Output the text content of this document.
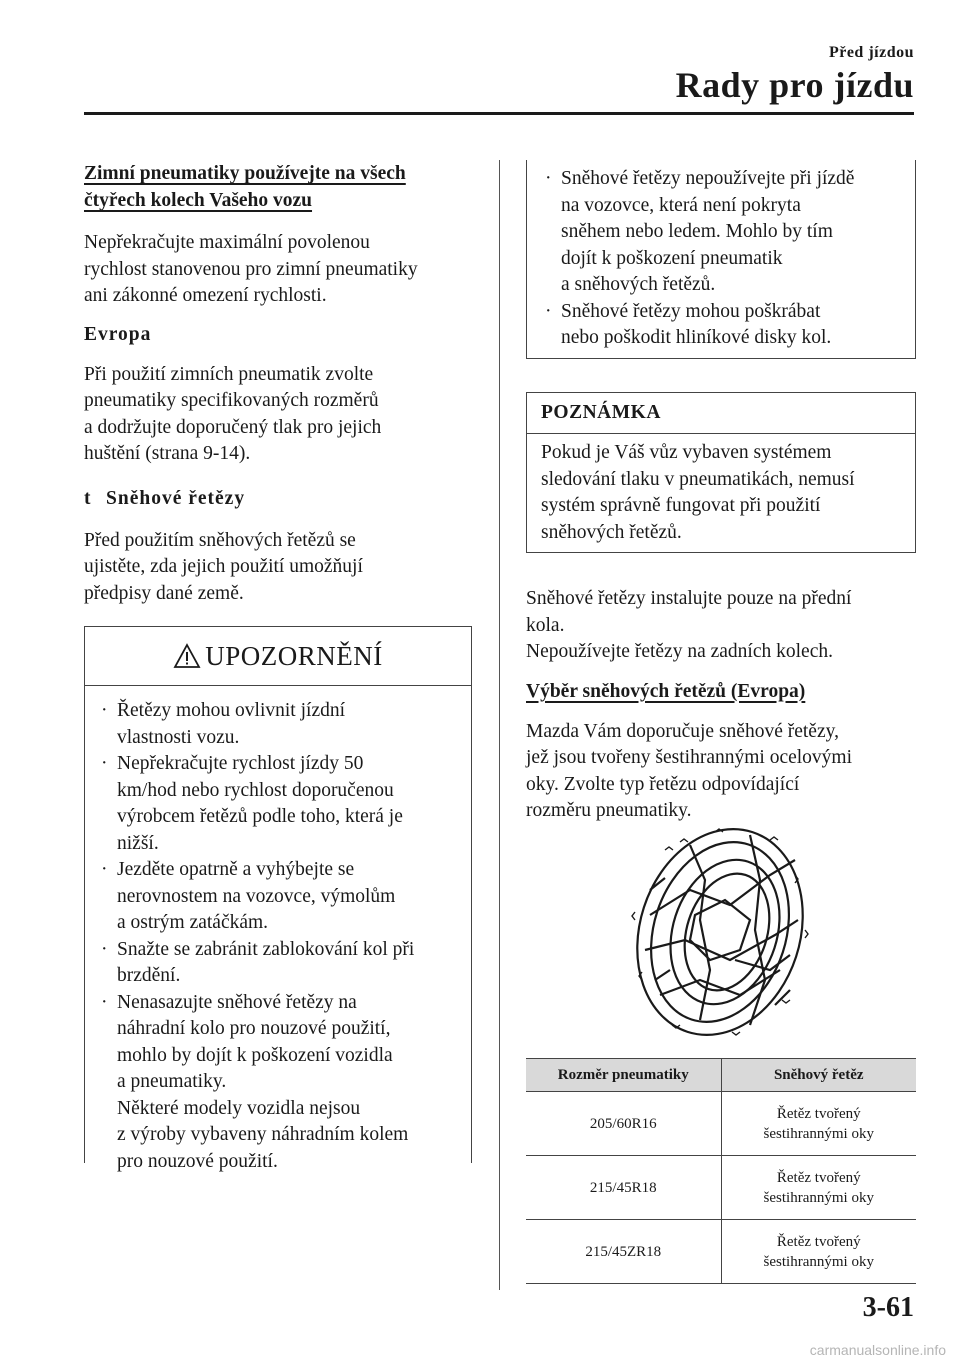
Před jízdou
Rady pro jízdu

Zimní pneumatiky používejte na všech
čtyřech kolech Vašeho vozu

Nepřekračujte maximální povolenou
rychlost stanovenou pro zimní pneumatiky
ani zákonné omezení rychlosti.

Evropa

Při použití zimních pneumatik zvolte
pneumatiky specifikovaných rozměrů
a dodržujte doporučený tlak pro jejich
huštění (strana 9-14).

t Sněhové řetězy

Před použitím sněhových řetězů se
ujistěte, zda jejich použití umožňují
předpisy dané země.

UPOZORNĚNÍ
· Řetězy mohou ovlivnit jízdní
vlastnosti vozu.
· Nepřekračujte rychlost jízdy 50
km/hod nebo rychlost doporučenou
výrobcem řetězů podle toho, která je
nižší.
· Jezděte opatrně a vyhýbejte se
nerovnostem na vozovce, výmolům
a ostrým zatáčkám.
· Snažte se zabránit zablokování kol při
brzdění.
· Nenasazujte sněhové řetězy na
náhradní kolo pro nouzové použití,
mohlo by dojít k poškození vozidla
a pneumatiky.
Některé modely vozidla nejsou
z výroby vybaveny náhradním kolem
pro nouzové použití.
· Sněhové řetězy nepoužívejte při jízdě
na vozovce, která není pokryta
sněhem nebo ledem. Mohlo by tím
dojít k poškození pneumatik
a sněhových řetězů.
· Sněhové řetězy mohou poškrábat
nebo poškodit hliníkové disky kol.
POZNÁMKA
Pokud je Váš vůz vybaven systémem
sledování tlaku v pneumatikách, nemusí
systém správně fungovat při použití
sněhových řetězů.

Sněhové řetězy instalujte pouze na přední
kola.
Nepoužívejte řetězy na zadních kolech.

Výběr sněhových řetězů (Evropa)

Mazda Vám doporučuje sněhové řetězy,
jež jsou tvořeny šestihrannými ocelovými
oky. Zvolte typ řetězu odpovídající
rozměru pneumatiky.

Rozměr pneumatiky	Sněhový řetěz
205/60R16	Řetěz tvořený
šestihrannými oky
215/45R18	Řetěz tvořený
šestihrannými oky
215/45ZR18	Řetěz tvořený
šestihrannými oky
3-61
carmanualsonline.info
